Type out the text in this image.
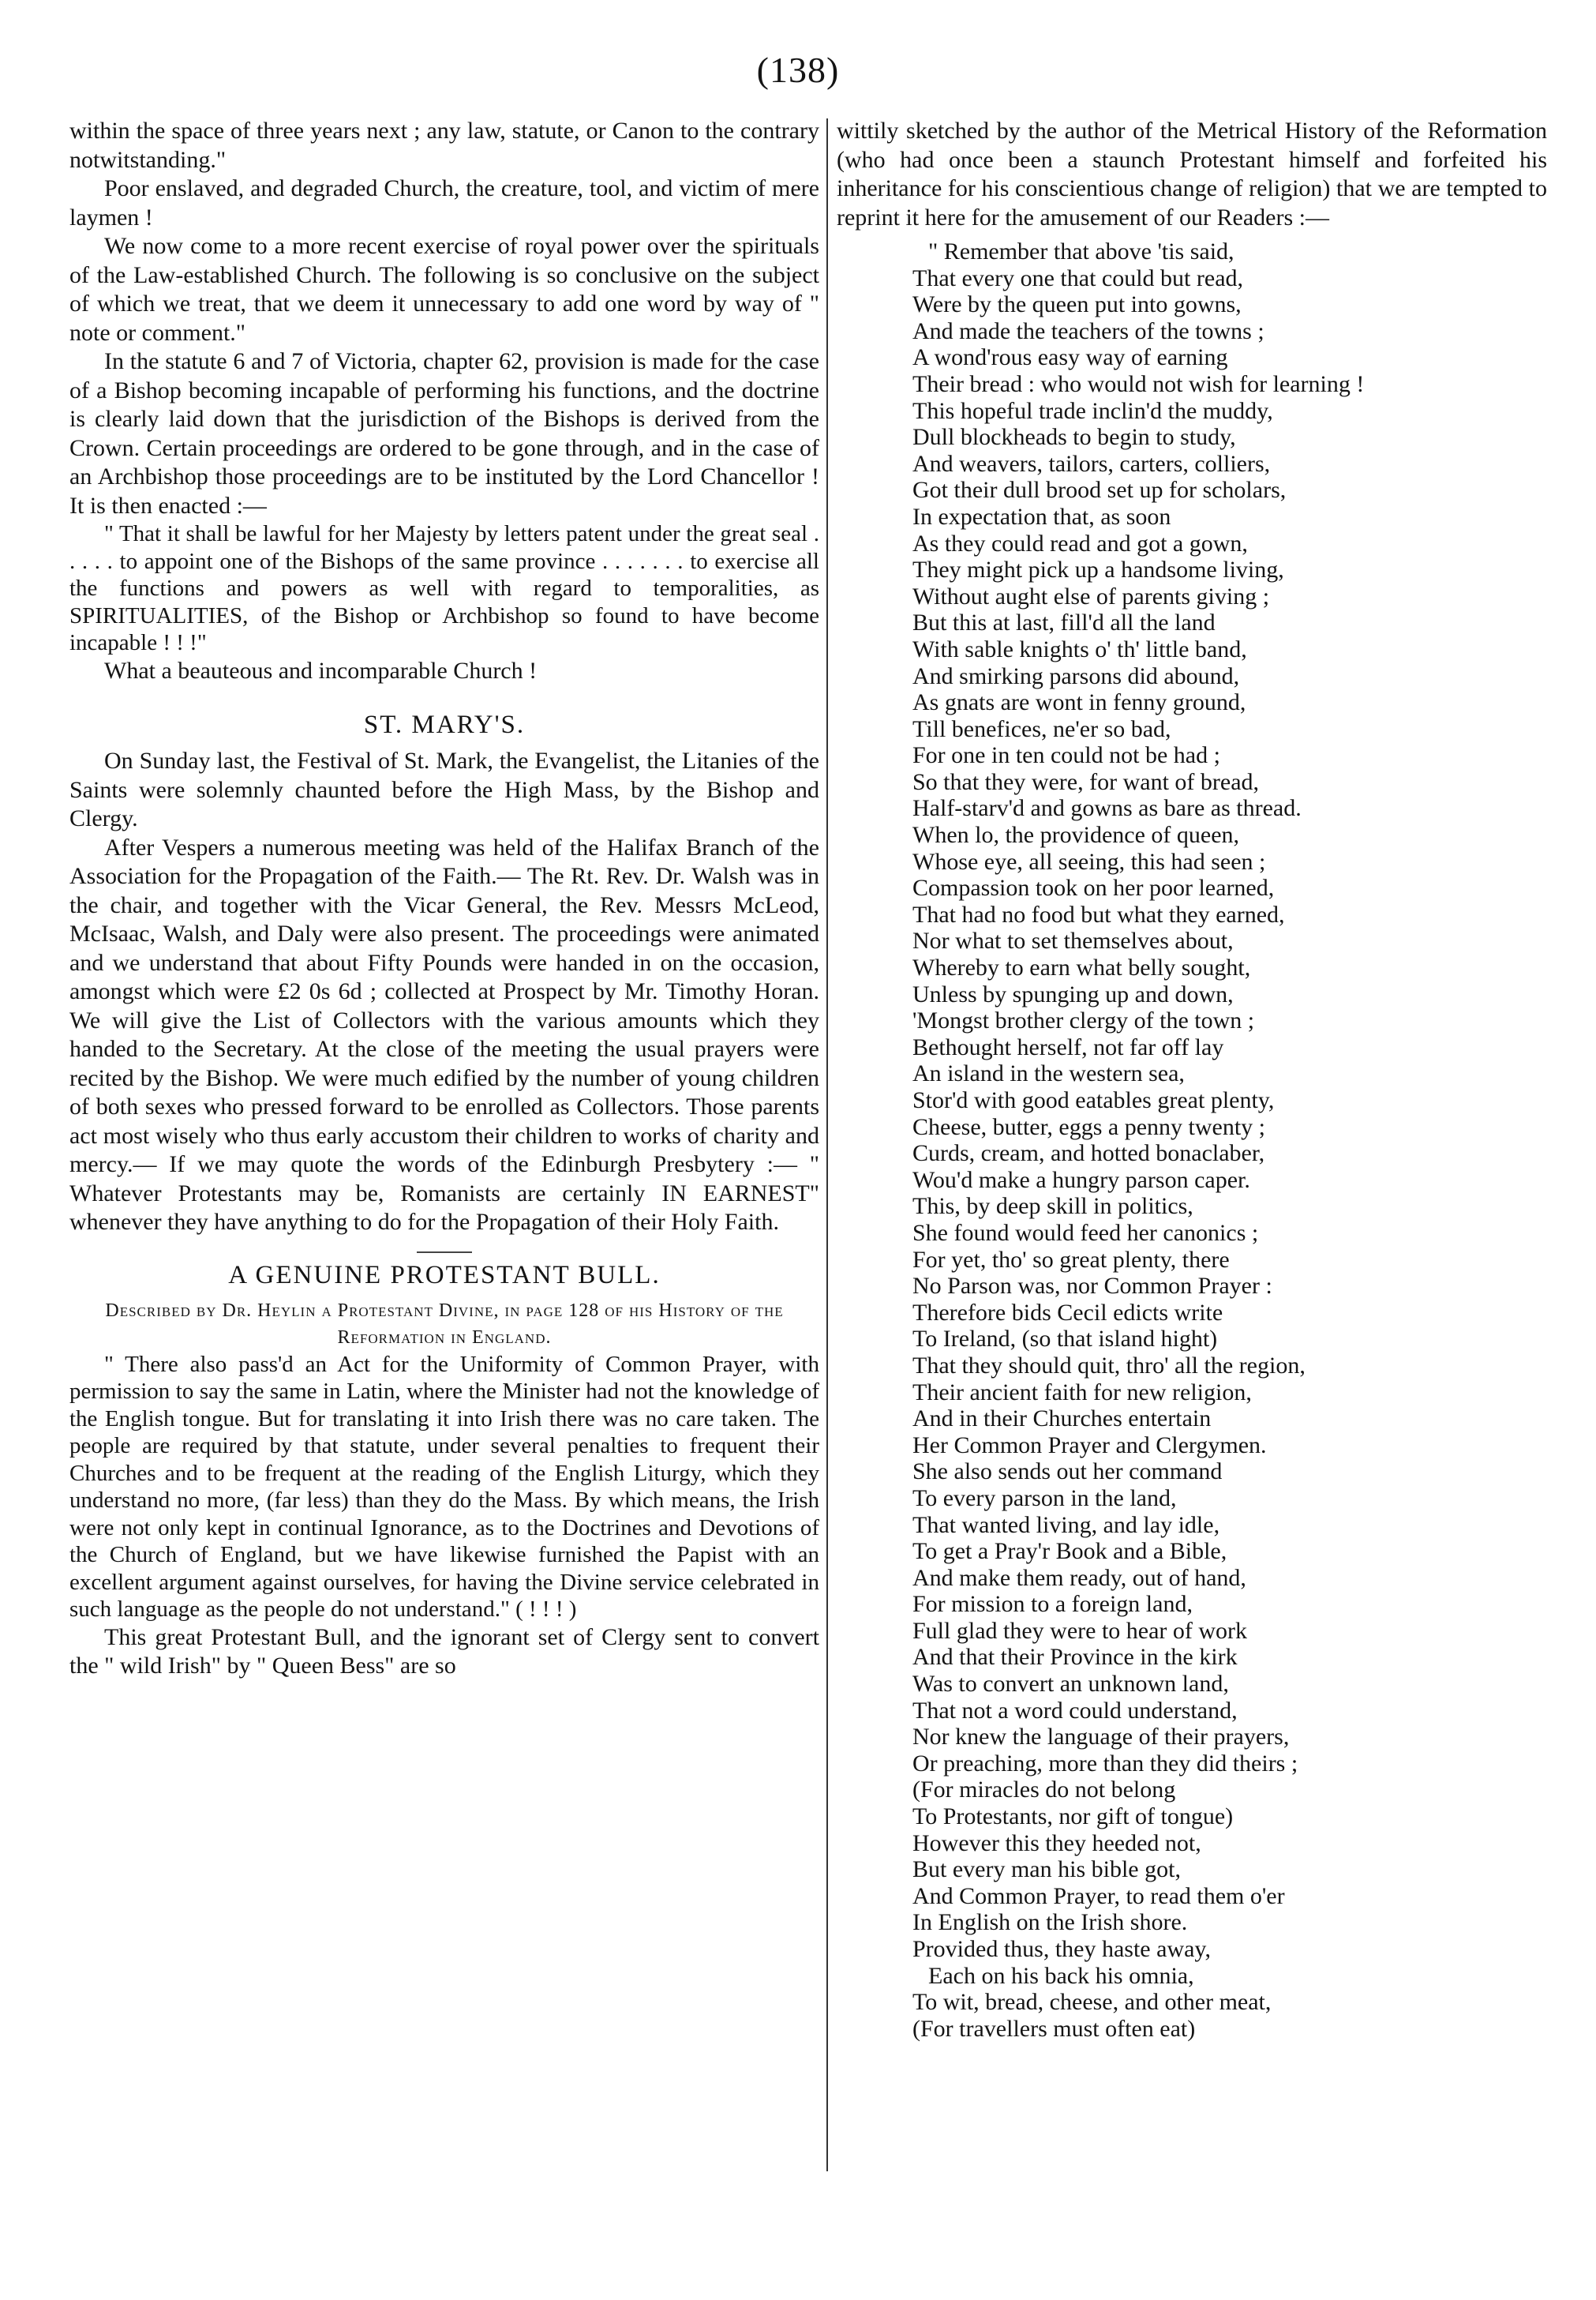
(138)

within the space of three years next ; any law, statute, or Canon to the contrary notwitstanding."

Poor enslaved, and degraded Church, the creature, tool, and victim of mere laymen !

We now come to a more recent exercise of royal power over the spirituals of the Law-established Church. The following is so conclusive on the subject of which we treat, that we deem it unnecessary to add one word by way of " note or comment."

In the statute 6 and 7 of Victoria, chapter 62, provision is made for the case of a Bishop becoming incapable of performing his functions, and the doctrine is clearly laid down that the jurisdiction of the Bishops is derived from the Crown. Certain proceedings are ordered to be gone through, and in the case of an Archbishop those proceedings are to be instituted by the Lord Chancellor ! It is then enacted :—

" That it shall be lawful for her Majesty by letters patent under the great seal . . . . . to appoint one of the Bishops of the same province . . . . . . . to exercise all the functions and powers as well with regard to temporalities, as SPIRITUALITIES, of the Bishop or Archbishop so found to have become incapable ! ! !"

What a beauteous and incomparable Church !

ST. MARY'S.

On Sunday last, the Festival of St. Mark, the Evangelist, the Litanies of the Saints were solemnly chaunted before the High Mass, by the Bishop and Clergy.

After Vespers a numerous meeting was held of the Halifax Branch of the Association for the Propagation of the Faith.— The Rt. Rev. Dr. Walsh was in the chair, and together with the Vicar General, the Rev. Messrs McLeod, McIsaac, Walsh, and Daly were also present. The proceedings were animated and we understand that about Fifty Pounds were handed in on the occasion, amongst which were £2 0s 6d ; collected at Prospect by Mr. Timothy Horan. We will give the List of Collectors with the various amounts which they handed to the Secretary. At the close of the meeting the usual prayers were recited by the Bishop. We were much edified by the number of young children of both sexes who pressed forward to be enrolled as Collectors. Those parents act most wisely who thus early accustom their children to works of charity and mercy.— If we may quote the words of the Edinburgh Presbytery :— " Whatever Protestants may be, Romanists are certainly IN EARNEST" whenever they have anything to do for the Propagation of their Holy Faith.

A GENUINE PROTESTANT BULL.
Described by Dr. Heylin a Protestant Divine, in page 128 of his History of the Reformation in England.

" There also pass'd an Act for the Uniformity of Common Prayer, with permission to say the same in Latin, where the Minister had not the knowledge of the English tongue. But for translating it into Irish there was no care taken. The people are required by that statute, under several penalties to frequent their Churches and to be frequent at the reading of the English Liturgy, which they understand no more, (far less) than they do the Mass. By which means, the Irish were not only kept in continual Ignorance, as to the Doctrines and Devotions of the Church of England, but we have likewise furnished the Papist with an excellent argument against ourselves, for having the Divine service celebrated in such language as the people do not understand." ( ! ! ! )

This great Protestant Bull, and the ignorant set of Clergy sent to convert the " wild Irish" by " Queen Bess" are so

wittily sketched by the author of the Metrical History of the Reformation (who had once been a staunch Protestant himself and forfeited his inheritance for his conscientious change of religion) that we are tempted to reprint it here for the amusement of our Readers :—

" Remember that above 'tis said,
That every one that could but read,
Were by the queen put into gowns,
And made the teachers of the towns ;
A wond'rous easy way of earning
Their bread : who would not wish for learning !
This hopeful trade inclin'd the muddy,
Dull blockheads to begin to study,
And weavers, tailors, carters, colliers,
Got their dull brood set up for scholars,
In expectation that, as soon
As they could read and got a gown,
They might pick up a handsome living,
Without aught else of parents giving ;
But this at last, fill'd all the land
With sable knights o' th' little band,
And smirking parsons did abound,
As gnats are wont in fenny ground,
Till benefices, ne'er so bad,
For one in ten could not be had ;
So that they were, for want of bread,
Half-starv'd and gowns as bare as thread.
When lo, the providence of queen,
Whose eye, all seeing, this had seen ;
Compassion took on her poor learned,
That had no food but what they earned,
Nor what to set themselves about,
Whereby to earn what belly sought,
Unless by spunging up and down,
'Mongst brother clergy of the town ;
Bethought herself, not far off lay
An island in the western sea,
Stor'd with good eatables great plenty,
Cheese, butter, eggs a penny twenty ;
Curds, cream, and hotted bonaclaber,
Wou'd make a hungry parson caper.
This, by deep skill in politics,
She found would feed her canonics ;
For yet, tho' so great plenty, there
No Parson was, nor Common Prayer :
Therefore bids Cecil edicts write
To Ireland, (so that island hight)
That they should quit, thro' all the region,
Their ancient faith for new religion,
And in their Churches entertain
Her Common Prayer and Clergymen.
She also sends out her command
To every parson in the land,
That wanted living, and lay idle,
To get a Pray'r Book and a Bible,
And make them ready, out of hand,
For mission to a foreign land,
Full glad they were to hear of work
And that their Province in the kirk
Was to convert an unknown land,
That not a word could understand,
Nor knew the language of their prayers,
Or preaching, more than they did theirs ;
(For miracles do not belong
To Protestants, nor gift of tongue)
However this they heeded not,
But every man his bible got,
And Common Prayer, to read them o'er
In English on the Irish shore.
Provided thus, they haste away,
Each on his back his omnia,
To wit, bread, cheese, and other meat,
(For travellers must often eat)
